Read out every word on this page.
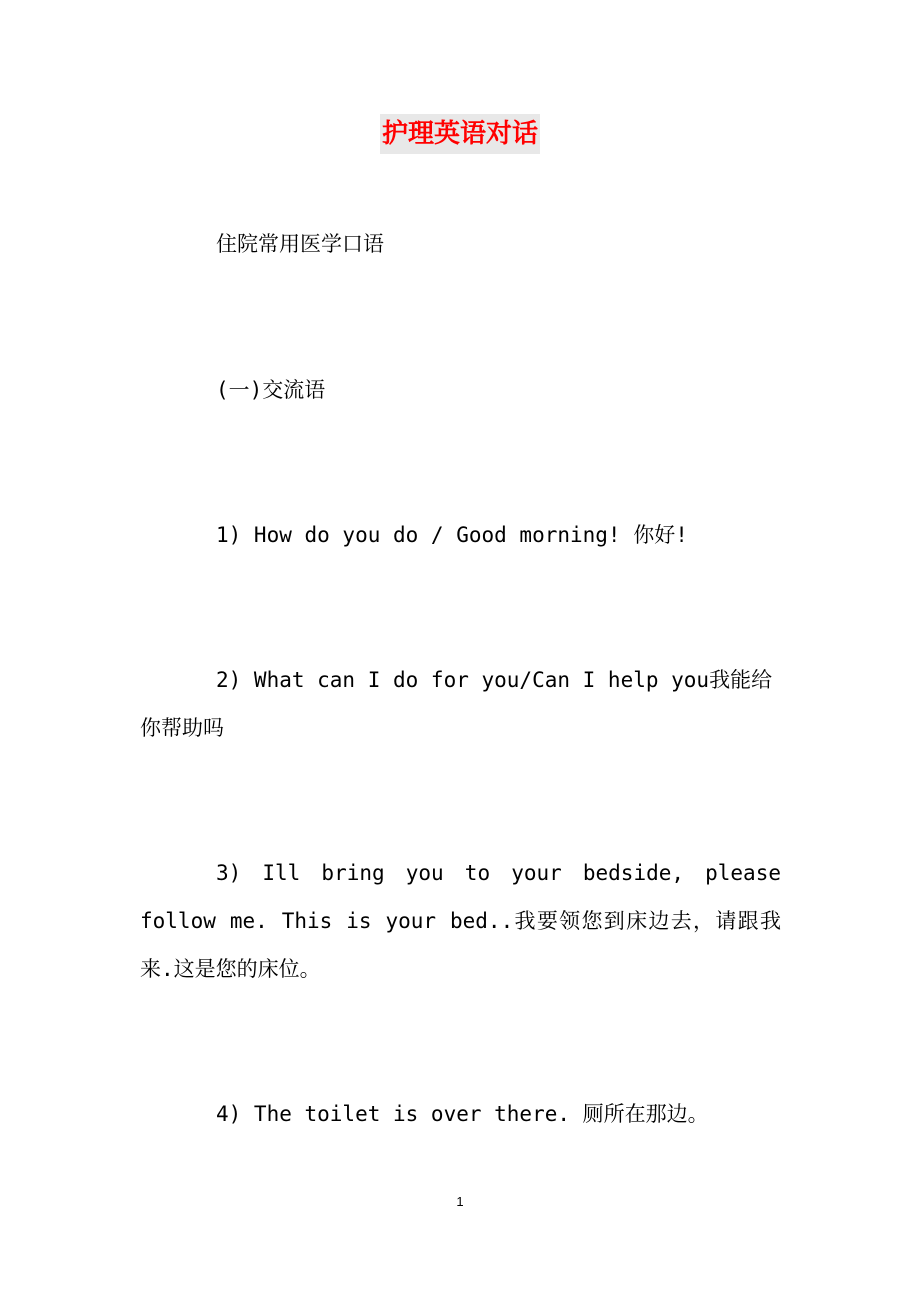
护理英语对话

住院常用医学口语

(一)交流语

1) How do you do / Good morning! 你好!

2) What can I do for you/Can I help you我能给你帮助吗

3) Ill bring you to your bedside, please follow me. This is your bed..我要领您到床边去，请跟我来.这是您的床位。

4) The toilet is over there. 厕所在那边。

1
